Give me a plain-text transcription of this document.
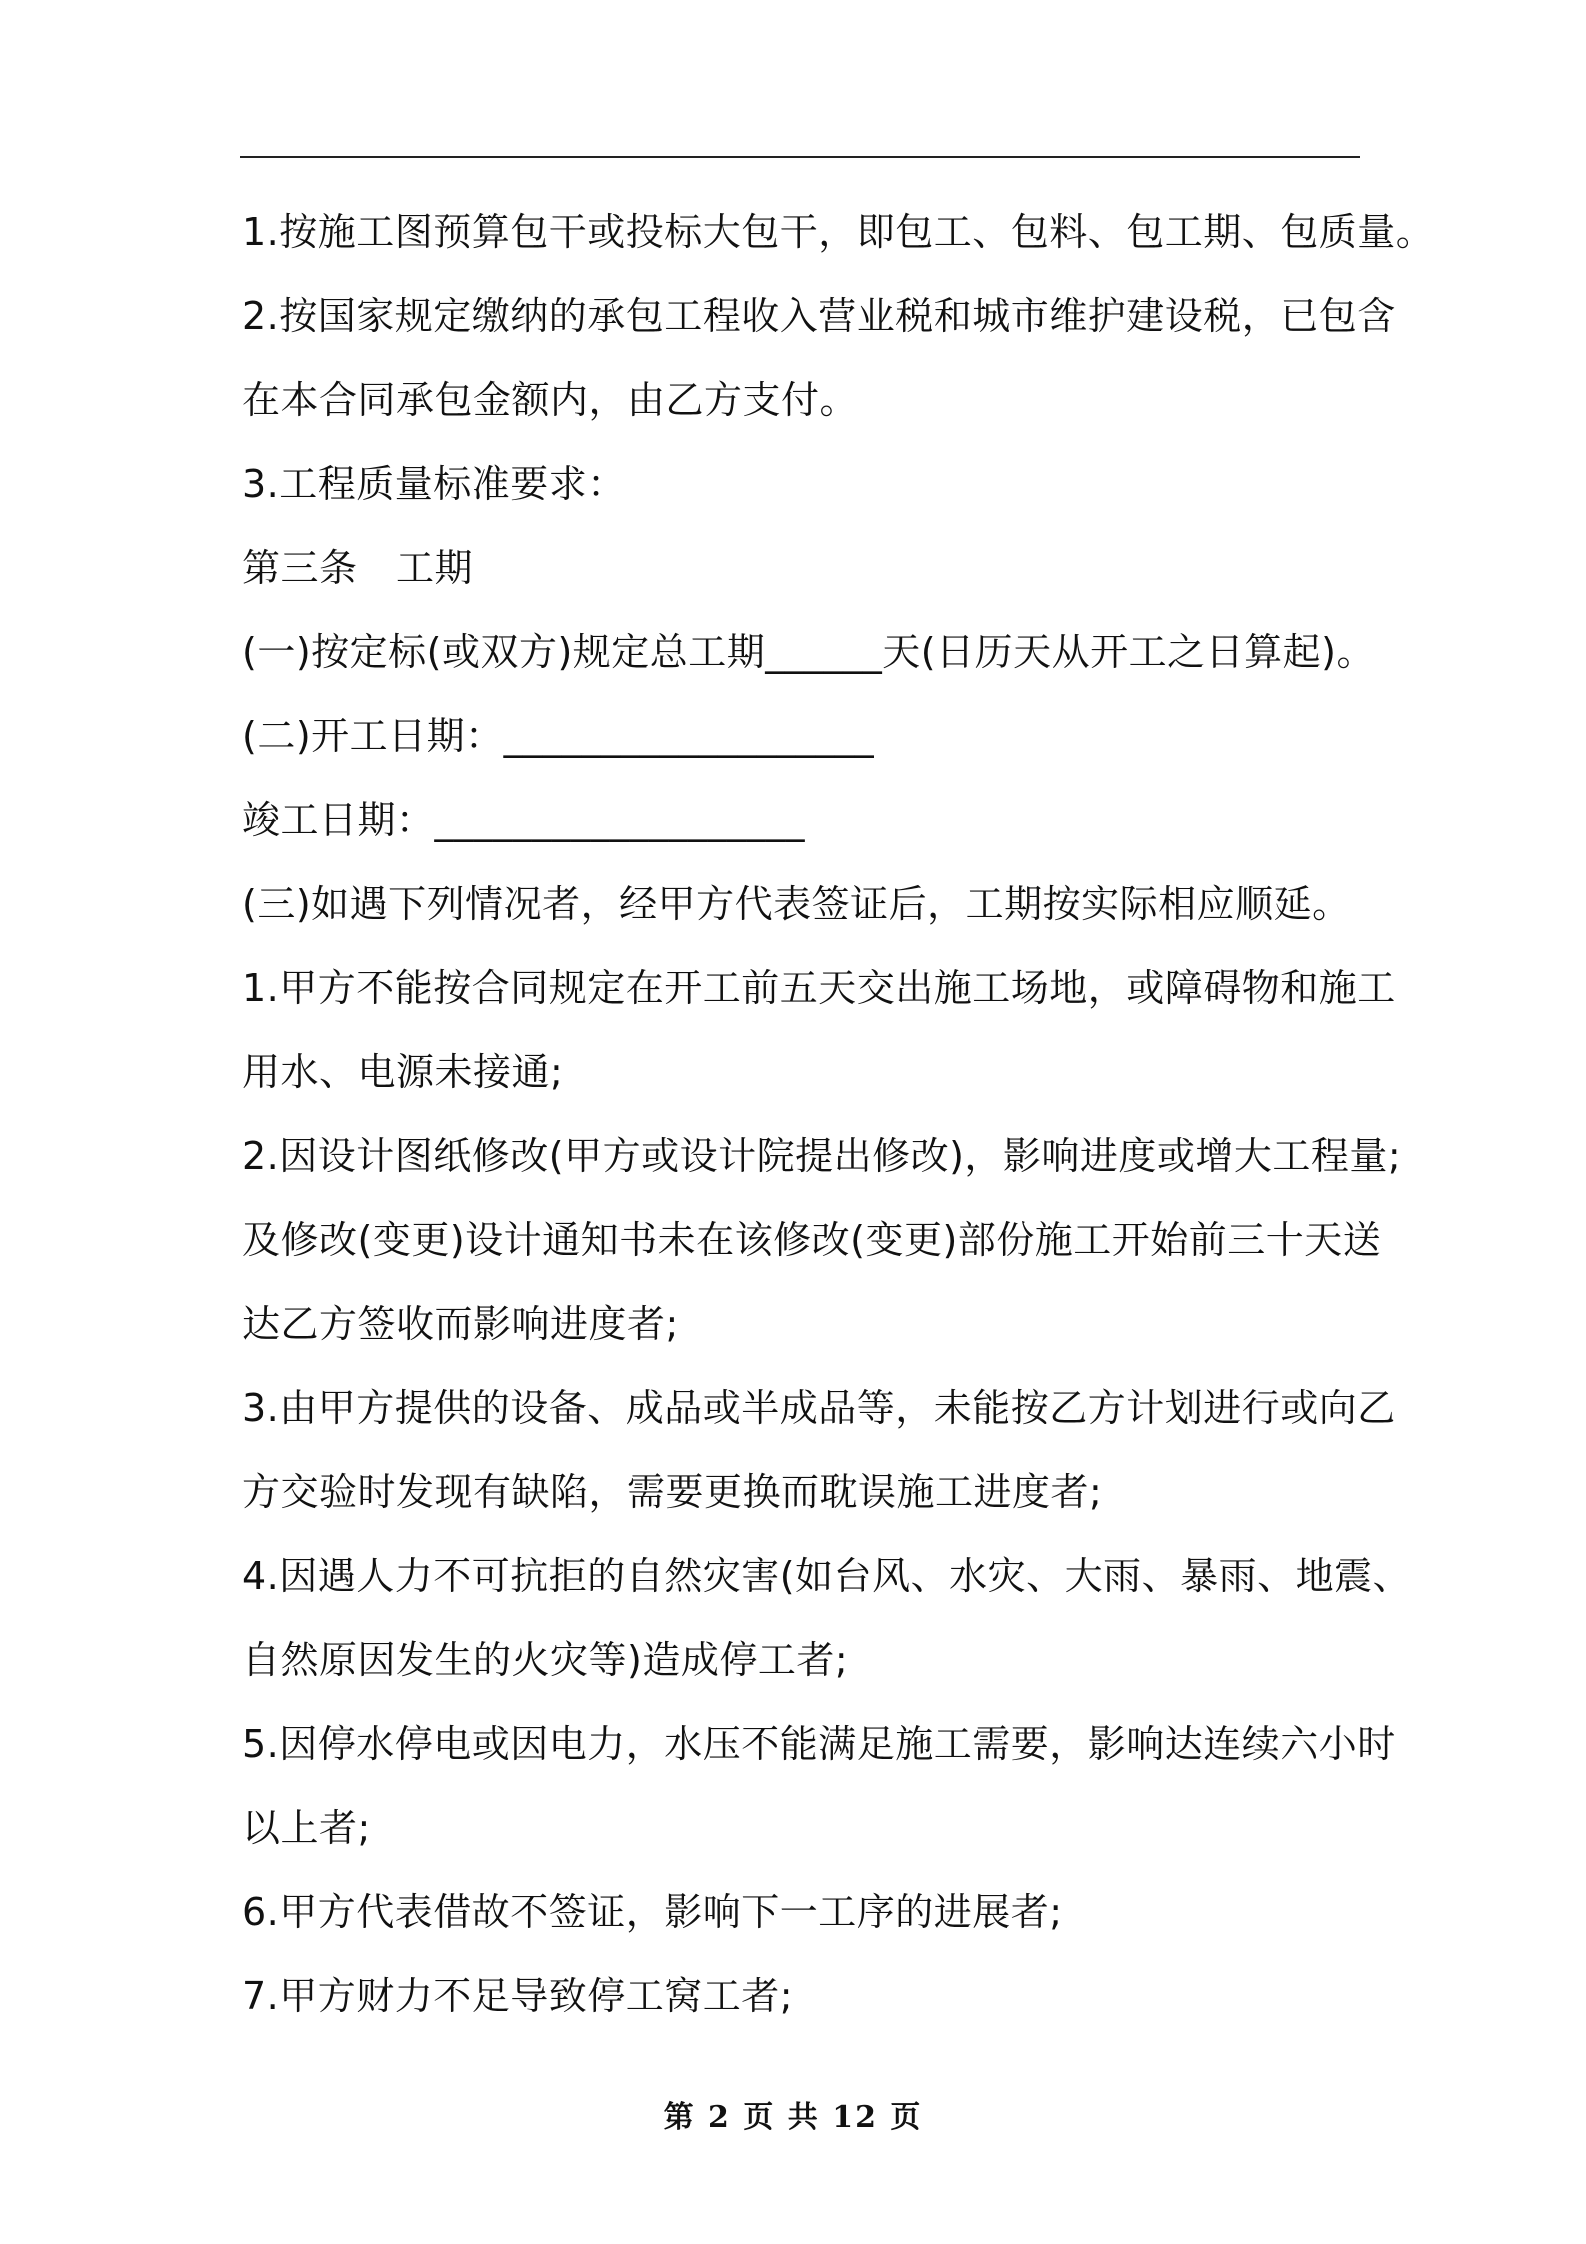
1.按施工图预算包干或投标大包干，即包工、包料、包工期、包质量。
2.按国家规定缴纳的承包工程收入营业税和城市维护建设税，已包含
在本合同承包金额内，由乙方支付。
3.工程质量标准要求：
第三条　工期
(一)按定标(或双方)规定总工期______天(日历天从开工之日算起)。
(二)开工日期：___________________
竣工日期：___________________
(三)如遇下列情况者，经甲方代表签证后，工期按实际相应顺延。
1.甲方不能按合同规定在开工前五天交出施工场地，或障碍物和施工
用水、电源未接通;
2.因设计图纸修改(甲方或设计院提出修改)，影响进度或增大工程量;
及修改(变更)设计通知书未在该修改(变更)部份施工开始前三十天送
达乙方签收而影响进度者;
3.由甲方提供的设备、成品或半成品等，未能按乙方计划进行或向乙
方交验时发现有缺陷，需要更换而耽误施工进度者;
4.因遇人力不可抗拒的自然灾害(如台风、水灾、大雨、暴雨、地震、
自然原因发生的火灾等)造成停工者;
5.因停水停电或因电力，水压不能满足施工需要，影响达连续六小时
以上者;
6.甲方代表借故不签证，影响下一工序的进展者;
7.甲方财力不足导致停工窝工者;
第 2 页 共 12 页
